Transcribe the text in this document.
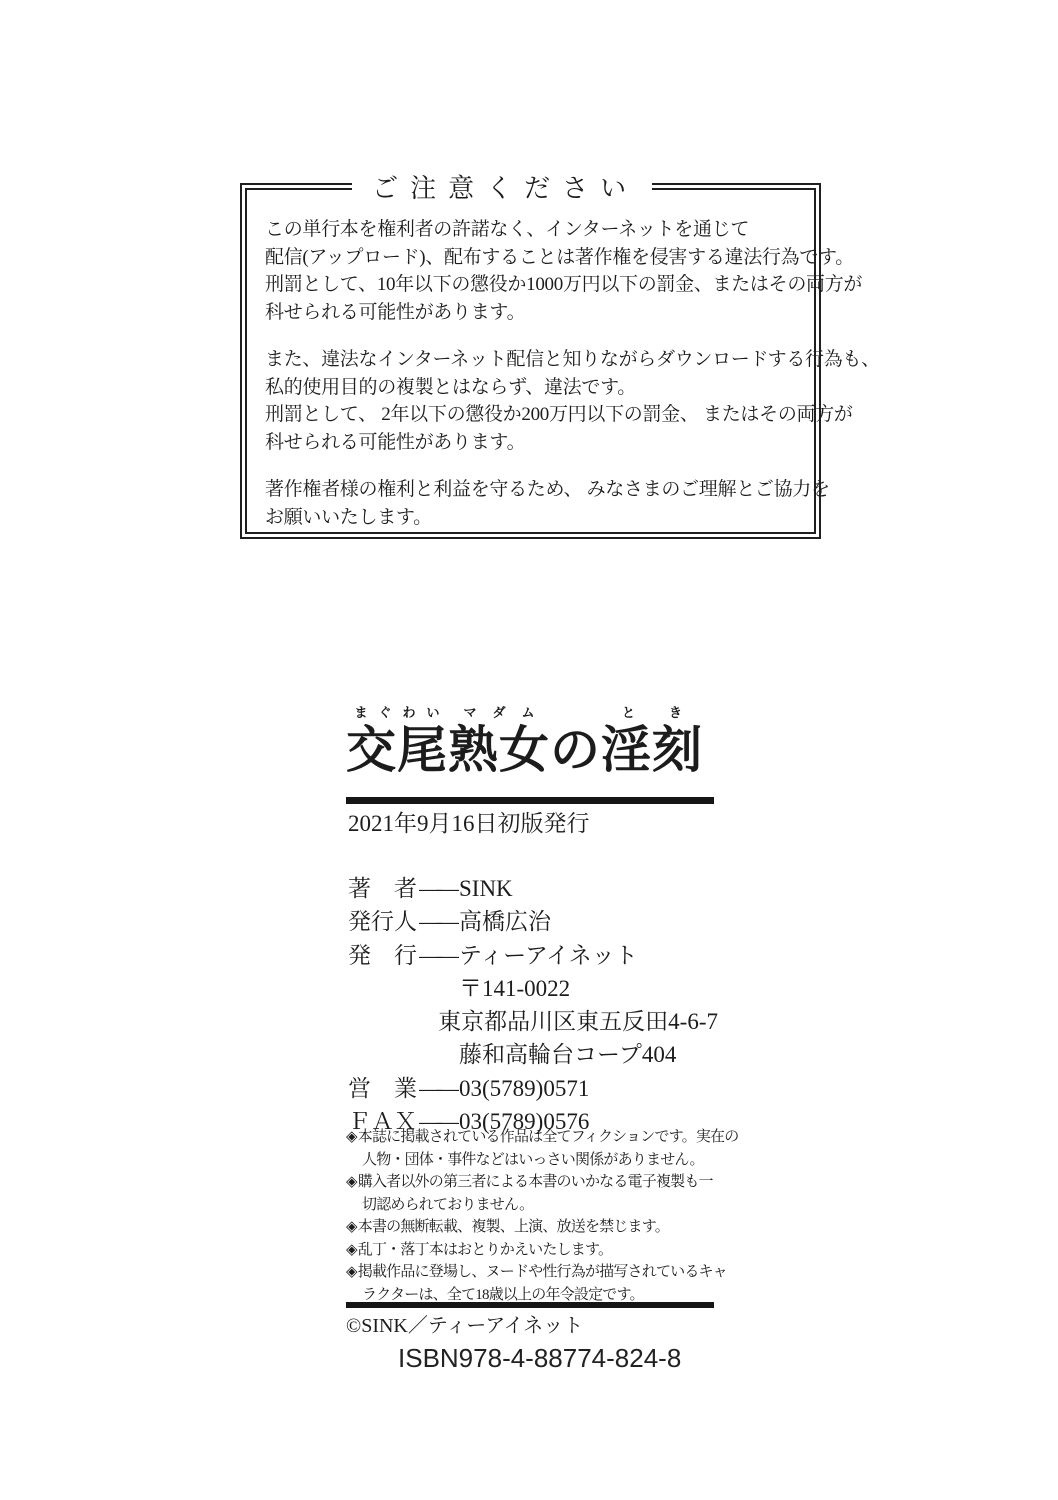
ご注意ください

この単行本を権利者の許諾なく、インターネットを通じて
配信(アップロード)、配布することは著作権を侵害する違法行為です。
刑罰として、10年以下の懲役か1000万円以下の罰金、またはその両方が
科せられる可能性があります。

また、違法なインターネット配信と知りながらダウンロードする行為も、
私的使用目的の複製とはならず、違法です。
刑罰として、 2年以下の懲役か200万円以下の罰金、 またはその両方が
科せられる可能性があります。

著作権者様の権利と利益を守るため、 みなさまのご理解とご協力を
お願いいたします。

まぐわい
交尾
マダム
熟女 の
とき
淫刻
2021年9月16日初版発行
著　者 —— SINK
発行人 —— 高橋広治
発　行 —— ティーアイネット
〒141-0022
東京都品川区東五反田4-6-7
藤和高輪台コープ404
営　業 —— 03(5789)0571
ＦＡＸ —— 03(5789)0576
◈本誌に掲載されている作品は全てフィクションです。実在の
人物・団体・事件などはいっさい関係がありません。
◈購入者以外の第三者による本書のいかなる電子複製も一
切認められておりません。
◈本書の無断転載、複製、上演、放送を禁じます。
◈乱丁・落丁本はおとりかえいたします。
◈掲載作品に登場し、ヌードや性行為が描写されているキャ
ラクターは、全て18歳以上の年令設定です。
©SINK／ティーアイネット
ISBN978-4-88774-824-8
